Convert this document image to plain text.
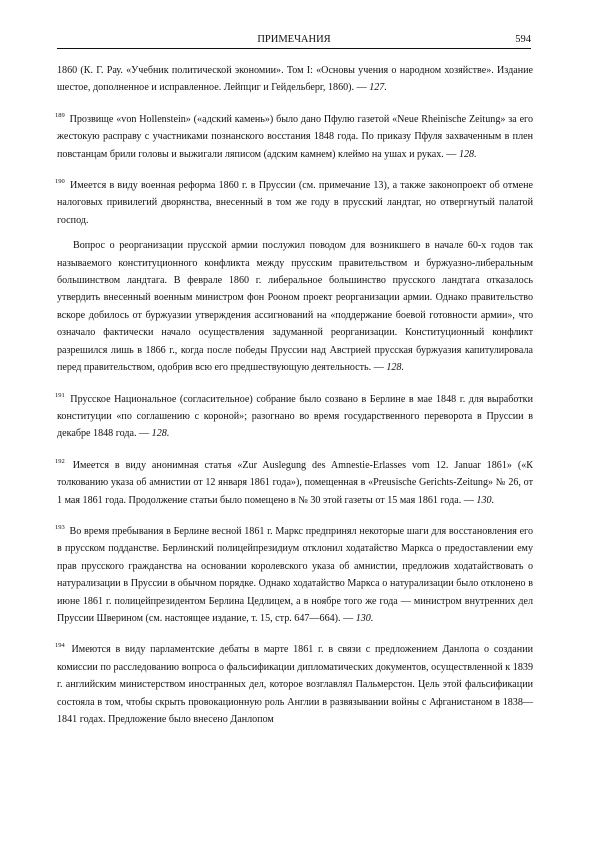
ПРИМЕЧАНИЯ	594

1860 (К. Г. Рау. «Учебник политической экономии». Том I: «Основы учения о народном хозяйстве». Издание шестое, дополненное и исправленное. Лейпциг и Гейдельберг, 1860). — 127.

$^{189}$ Прозвище «von Hollenstein» («адский камень») было дано Пфулю газетой «Neue Rheinische Zeitung» за его жестокую расправу с участниками познанского восстания 1848 года. По приказу Пфуля захваченным в плен повстанцам брили головы и выжигали ляписом (адским камнем) клеймо на ушах и руках. — 128.

$^{190}$ Имеется в виду военная реформа 1860 г. в Пруссии (см. примечание 13), а также законопроект об отмене налоговых привилегий дворянства, внесенный в том же году в прусский ландтаг, но отвергнутый палатой господ.

Вопрос о реорганизации прусской армии послужил поводом для возникшего в начале 60-х годов так называемого конституционного конфликта между прусским правительством и буржуазно-либеральным большинством ландтага. В феврале 1860 г. либеральное большинство прусского ландтага отказалось утвердить внесенный военным министром фон Рооном проект реорганизации армии. Однако правительство вскоре добилось от буржуазии утверждения ассигнований на «поддержание боевой готовности армии», что означало фактически начало осуществления задуманной реорганизации. Конституционный конфликт разрешился лишь в 1866 г., когда после победы Пруссии над Австрией прусская буржуазия капитулировала перед правительством, одобрив всю его предшествующую деятельность. — 128.

$^{191}$ Прусское Национальное (согласительное) собрание было созвано в Берлине в мае 1848 г. для выработки конституции «по соглашению с короной»; разогнано во время государственного переворота в Пруссии в декабре 1848 года. — 128.

$^{192}$ Имеется в виду анонимная статья «Zur Auslegung des Amnestie-Erlasses vom 12. Januar 1861» («К толкованию указа об амнистии от 12 января 1861 года»), помещенная в «Preusische Gerichts-Zeitung» № 26, от 1 мая 1861 года. Продолжение статьи было помещено в № 30 этой газеты от 15 мая 1861 года. — 130.

$^{193}$ Во время пребывания в Берлине весной 1861 г. Маркс предпринял некоторые шаги для восстановления его в прусском подданстве. Берлинский полицейпрезидиум отклонил ходатайство Маркса о предоставлении ему прав прусского гражданства на основании королевского указа об амнистии, предложив ходатайствовать о натурализации в Пруссии в обычном порядке. Однако ходатайство Маркса о натурализации было отклонено в июне 1861 г. полицейпрезидентом Берлина Цедлицем, а в ноябре того же года — министром внутренних дел Пруссии Шверином (см. настоящее издание, т. 15, стр. 647—664). — 130.

$^{194}$ Имеются в виду парламентские дебаты в марте 1861 г. в связи с предложением Данлопа о создании комиссии по расследованию вопроса о фальсификации дипломатических документов, осуществленной к 1839 г. английским министерством иностранных дел, которое возглавлял Пальмерстон. Цель этой фальсификации состояла в том, чтобы скрыть провокационную роль Англии в развязывании войны с Афганистаном в 1838—1841 годах. Предложение было внесено Данлопом
